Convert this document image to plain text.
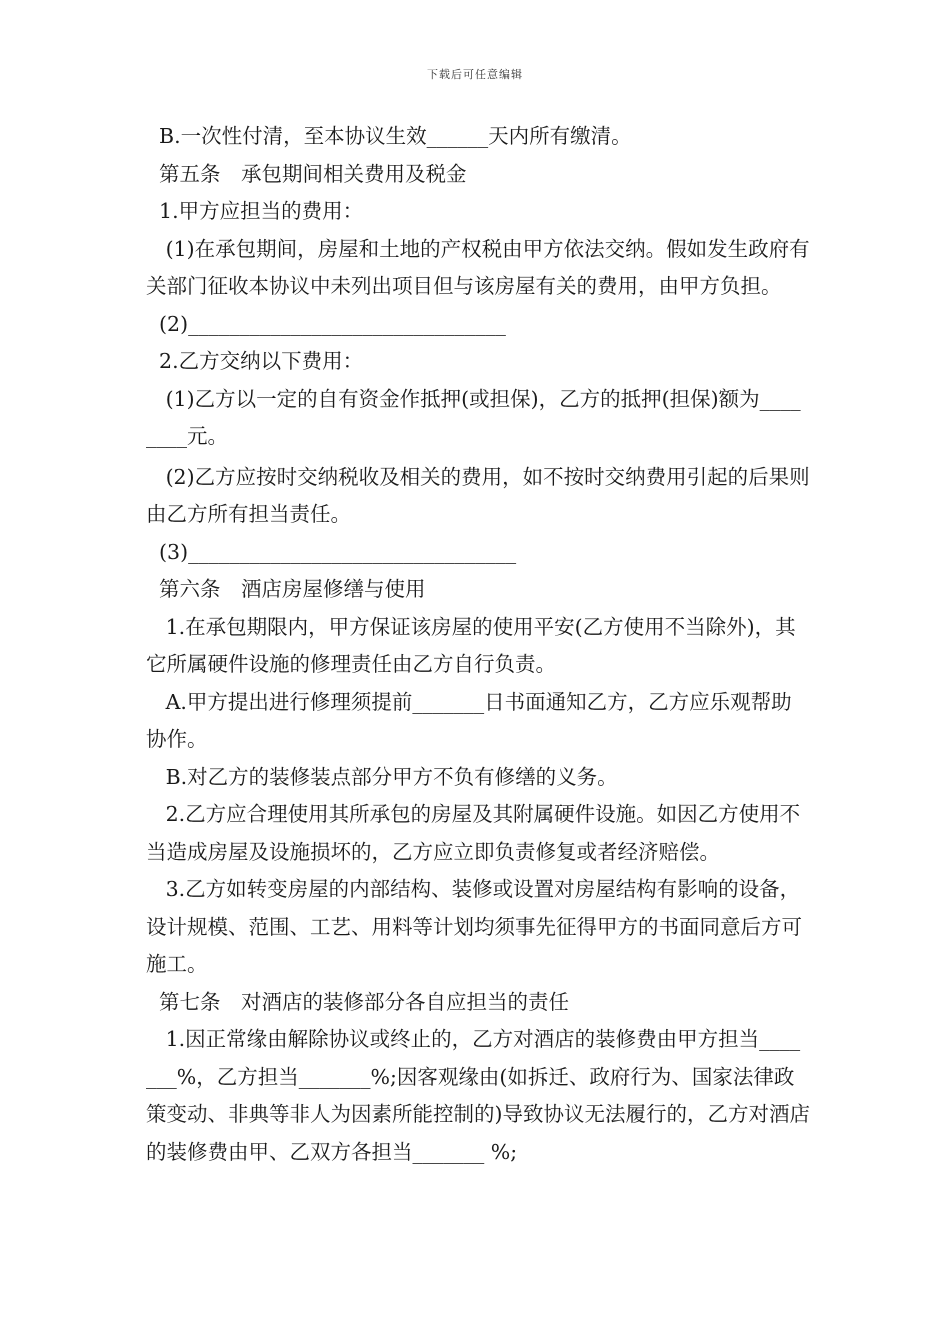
下载后可任意编辑

B.一次性付清，至本协议生效______天内所有缴清。

第五条　承包期间相关费用及税金

1.甲方应担当的费用：

(1)在承包期间，房屋和土地的产权税由甲方依法交纳。假如发生政府有关部门征收本协议中未列出项目但与该房屋有关的费用，由甲方负担。

(2)_______________________________

2.乙方交纳以下费用：

(1)乙方以一定的自有资金作抵押(或担保)，乙方的抵押(担保)额为________元。

(2)乙方应按时交纳税收及相关的费用，如不按时交纳费用引起的后果则由乙方所有担当责任。

(3)________________________________

第六条　酒店房屋修缮与使用

1.在承包期限内，甲方保证该房屋的使用平安(乙方使用不当除外)，其它所属硬件设施的修理责任由乙方自行负责。

A.甲方提出进行修理须提前_______日书面通知乙方，乙方应乐观帮助协作。

B.对乙方的装修装点部分甲方不负有修缮的义务。

2.乙方应合理使用其所承包的房屋及其附属硬件设施。如因乙方使用不当造成房屋及设施损坏的，乙方应立即负责修复或者经济赔偿。

3.乙方如转变房屋的内部结构、装修或设置对房屋结构有影响的设备，设计规模、范围、工艺、用料等计划均须事先征得甲方的书面同意后方可施工。

第七条　对酒店的装修部分各自应担当的责任

1.因正常缘由解除协议或终止的，乙方对酒店的装修费由甲方担当_______%，乙方担当_______%;因客观缘由(如拆迁、政府行为、国家法律政策变动、非典等非人为因素所能控制的)导致协议无法履行的，乙方对酒店的装修费由甲、乙双方各担当_______ %;
